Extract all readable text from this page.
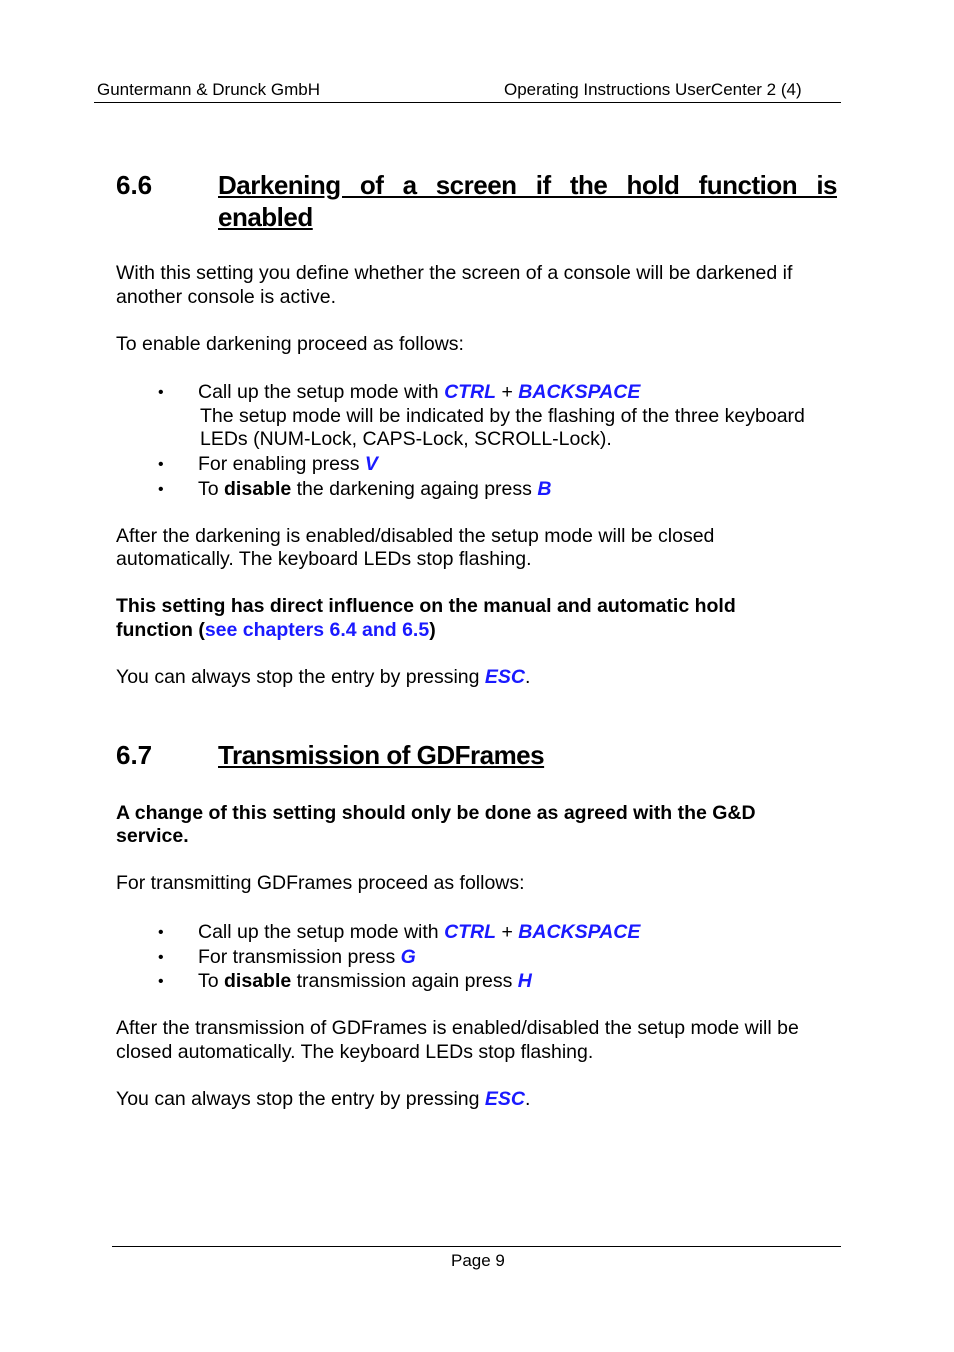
Guntermann & Drunck GmbH	Operating Instructions UserCenter 2 (4)
6.6	Darkening of a screen if the hold function is
enabled
With this setting you define whether the screen of a console will be darkened if
another console is active.
To enable darkening proceed as follows:
• Call up the setup mode with CTRL + BACKSPACE
The setup mode will be indicated by the flashing of the three keyboard
LEDs (NUM-Lock, CAPS-Lock, SCROLL-Lock).
• For enabling press V
• To disable the darkening againg press B
After the darkening is enabled/disabled the setup mode will be closed
automatically. The keyboard LEDs stop flashing.
This setting has direct influence on the manual and automatic hold
function (see chapters 6.4 and 6.5)
You can always stop the entry by pressing ESC.
6.7	Transmission of GDFrames
A change of this setting should only be done as agreed with the G&D
service.
For transmitting GDFrames proceed as follows:
• Call up the setup mode with CTRL + BACKSPACE
• For transmission press G
• To disable transmission again press H
After the transmission of GDFrames is enabled/disabled the setup mode will be
closed automatically. The keyboard LEDs stop flashing.
You can always stop the entry by pressing ESC.
Page 9
